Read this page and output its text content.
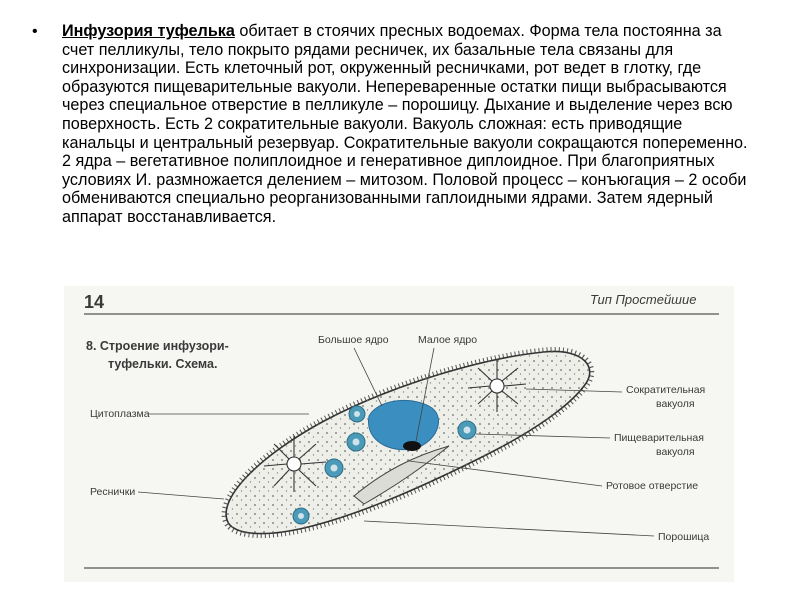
•	Инфузория туфелька обитает в стоячих пресных водоемах. Форма тела постоянна за счет пелликулы, тело покрыто рядами ресничек, их базальные тела связаны для синхронизации. Есть клеточный рот, окруженный ресничками, рот ведет в глотку, где образуются пищеварительные вакуоли. Непереваренные остатки пищи выбрасываются через специальное отверстие в пелликуле – порошицу. Дыхание и выделение через всю поверхность. Есть 2 сократительные вакуоли. Вакуоль сложная: есть приводящие канальцы и центральный резервуар. Сократительные вакуоли сокращаются попеременно. 2 ядра – вегетативное полиплоидное и генеративное диплоидное. При благоприятных условиях И. размножается делением – митозом. Половой процесс – конъюгация – 2 особи обмениваются специально реорганизованными гаплоидными ядрами. Затем ядерный аппарат восстанавливается.

14	Тип Простейшие
8. Строение инфузори-
туфельки. Схема.
Цитоплазма
Реснички
Большое ядро	Малое ядро
Сократительная
вакуоля
Пищеварительная
вакуоля
Ротовое отверстие
Порошица
